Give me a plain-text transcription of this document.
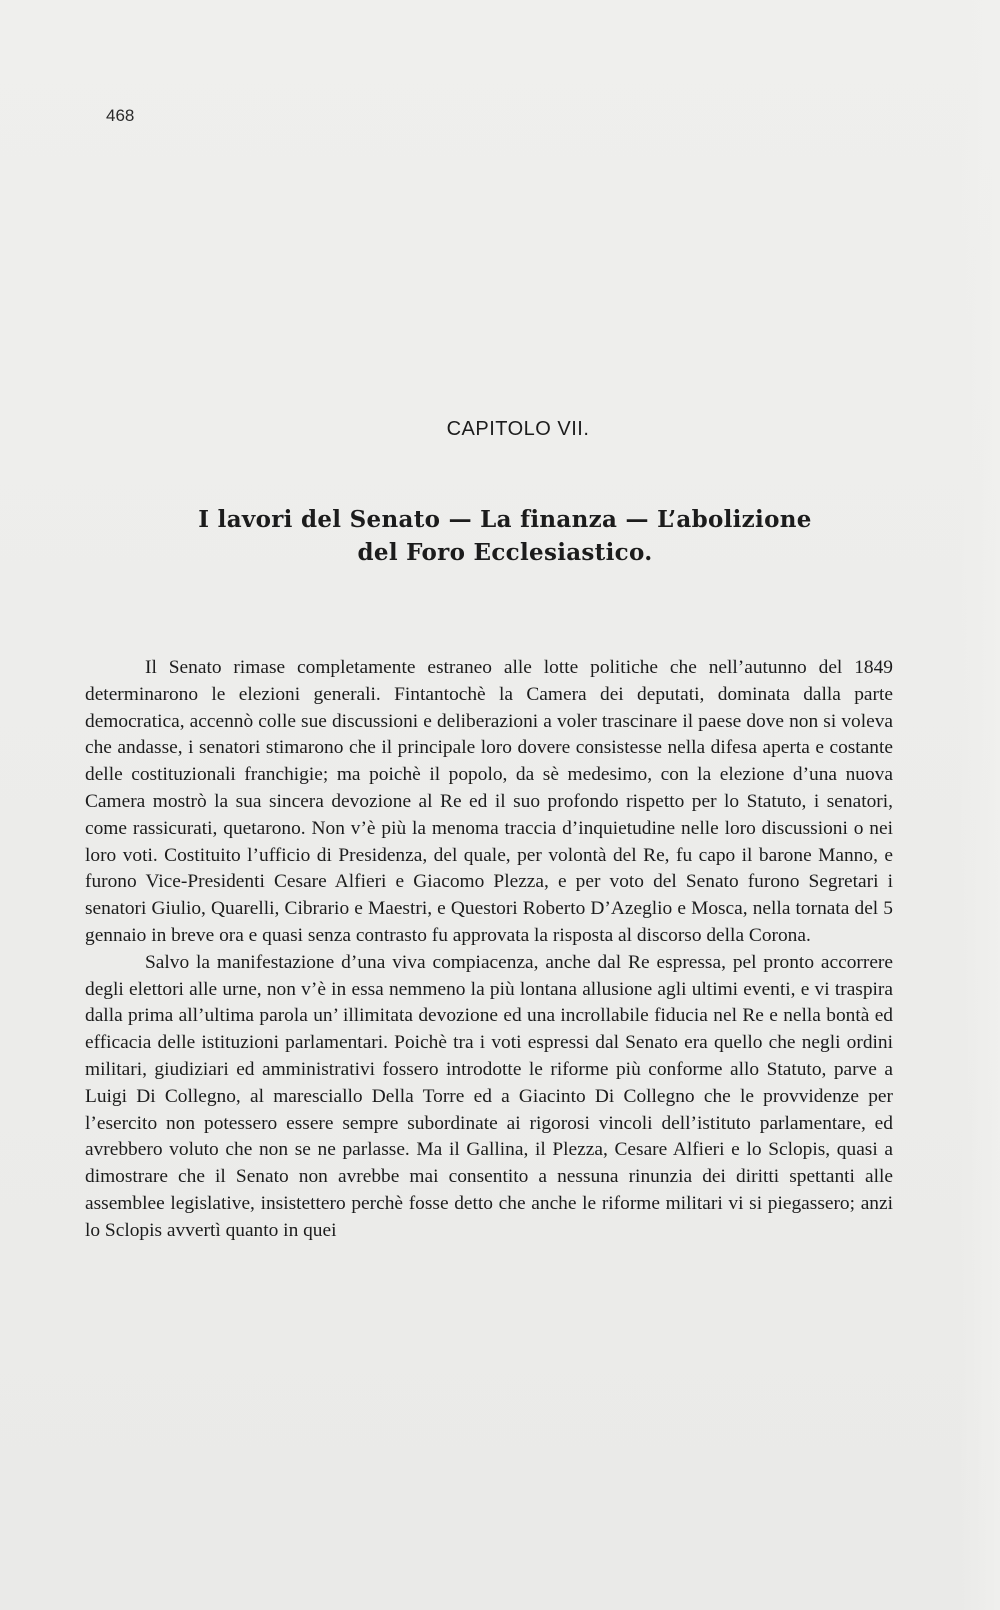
468
CAPITOLO VII.
I lavori del Senato — La finanza — L’abolizione
del Foro Ecclesiastico.

Il Senato rimase completamente estraneo alle lotte politiche che nell’autunno del 1849 determinarono le elezioni generali. Fintantochè la Camera dei deputati, dominata dalla parte democratica, accennò colle sue discussioni e deliberazioni a voler trascinare il paese dove non si voleva che andasse, i senatori stimarono che il principale loro dovere consistesse nella difesa aperta e costante delle costituzionali franchigie; ma poichè il popolo, da sè medesimo, con la elezione d’una nuova Camera mostrò la sua sincera devozione al Re ed il suo profondo rispetto per lo Statuto, i senatori, come rassicurati, quetarono. Non v’è più la menoma traccia d’inquietudine nelle loro discussioni o nei loro voti. Costituito l’ufficio di Presidenza, del quale, per volontà del Re, fu capo il barone Manno, e furono Vice-Presidenti Cesare Alfieri e Giacomo Plezza, e per voto del Senato furono Segretari i senatori Giulio, Quarelli, Cibrario e Maestri, e Questori Roberto D’Azeglio e Mosca, nella tornata del 5 gennaio in breve ora e quasi senza contrasto fu approvata la risposta al discorso della Corona.

Salvo la manifestazione d’una viva compiacenza, anche dal Re espressa, pel pronto accorrere degli elettori alle urne, non v’è in essa nemmeno la più lontana allusione agli ultimi eventi, e vi traspira dalla prima all’ultima parola un’ illimitata devozione ed una incrollabile fiducia nel Re e nella bontà ed efficacia delle istituzioni parlamentari. Poichè tra i voti espressi dal Senato era quello che negli ordini militari, giudiziari ed amministrativi fossero introdotte le riforme più conforme allo Statuto, parve a Luigi Di Collegno, al maresciallo Della Torre ed a Giacinto Di Collegno che le provvidenze per l’esercito non potessero essere sempre subordinate ai rigorosi vincoli dell’istituto parlamentare, ed avrebbero voluto che non se ne parlasse. Ma il Gallina, il Plezza, Cesare Alfieri e lo Sclopis, quasi a dimostrare che il Senato non avrebbe mai consentito a nessuna rinunzia dei diritti spettanti alle assemblee legislative, insistettero perchè fosse detto che anche le riforme militari vi si piegassero; anzi lo Sclopis avvertì quanto in quei
